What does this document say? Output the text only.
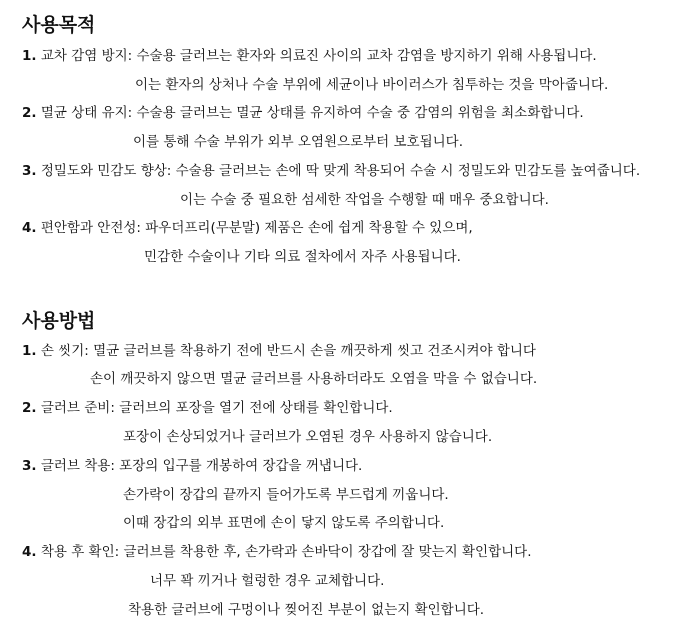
사용목적

1. 교차 감염 방지: 수술용 글러브는 환자와 의료진 사이의 교차 감염을 방지하기 위해 사용됩니다.

이는 환자의 상처나 수술 부위에 세균이나 바이러스가 침투하는 것을 막아줍니다.

2. 멸균 상태 유지: 수술용 글러브는 멸균 상태를 유지하여 수술 중 감염의 위험을 최소화합니다.

이를 통해 수술 부위가 외부 오염원으로부터 보호됩니다.

3. 정밀도와 민감도 향상: 수술용 글러브는 손에 딱 맞게 착용되어 수술 시 정밀도와 민감도를 높여줍니다.

이는 수술 중 필요한 섬세한 작업을 수행할 때 매우 중요합니다.

4. 편안함과 안전성: 파우더프리(무분말) 제품은 손에 쉽게 착용할 수 있으며,

민감한 수술이나 기타 의료 절차에서 자주 사용됩니다.

사용방법

1. 손 씻기: 멸균 글러브를 착용하기 전에 반드시 손을 깨끗하게 씻고 건조시켜야 합니다

손이 깨끗하지 않으면 멸균 글러브를 사용하더라도 오염을 막을 수 없습니다.

2. 글러브 준비: 글러브의 포장을 열기 전에 상태를 확인합니다.

포장이 손상되었거나 글러브가 오염된 경우 사용하지 않습니다.

3. 글러브 착용: 포장의 입구를 개봉하여 장갑을 꺼냅니다.

손가락이 장갑의 끝까지 들어가도록 부드럽게 끼웁니다.

이때 장갑의 외부 표면에 손이 닿지 않도록 주의합니다.

4. 착용 후 확인: 글러브를 착용한 후, 손가락과 손바닥이 장갑에 잘 맞는지 확인합니다.

너무 꽉 끼거나 헐렁한 경우 교체합니다.

착용한 글러브에 구멍이나 찢어진 부분이 없는지 확인합니다.
